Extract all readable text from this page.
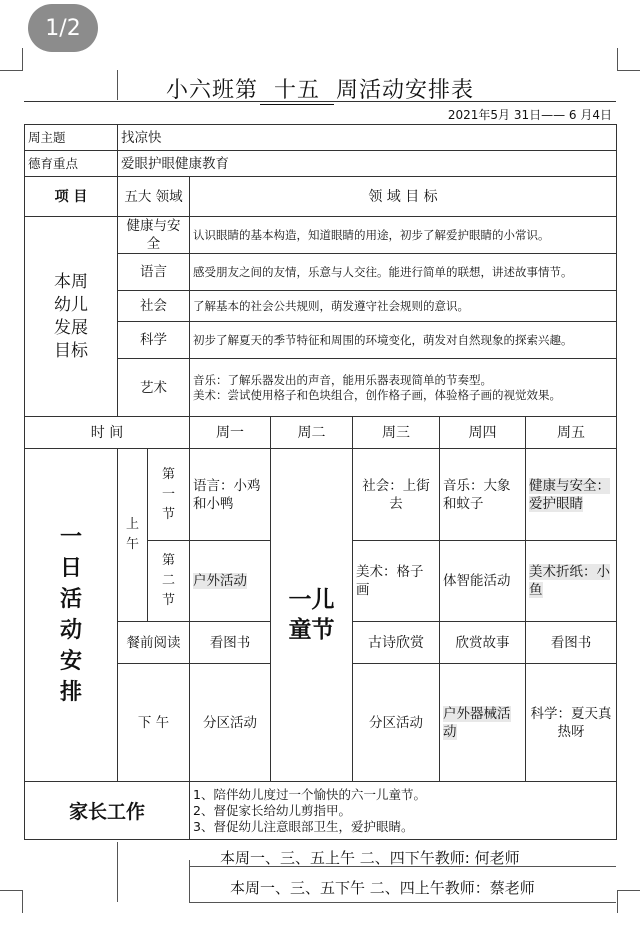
1/2
小六班第 十五 周活动安排表
2021年5月 31日—— 6 月4日
周主题	找凉快						
德育重点	爱眼护眼健康教育						
项 目	五大 领域		领 域 目 标				
本周幼儿发展目标	健康与安全		认识眼睛的基本构造，知道眼睛的用途，初步了解爱护眼睛的小常识。				
	语言		感受朋友之间的友情，乐意与人交往。能进行简单的联想，讲述故事情节。				
	社会		了解基本的社会公共规则，萌发遵守社会规则的意识。				
	科学		初步了解夏天的季节特征和周围的环境变化，萌发对自然现象的探索兴趣。				
	艺术		音乐：了解乐器发出的声音，能用乐器表现简单的节奏型。
美术：尝试使用格子和色块组合，创作格子画，体验格子画的视觉效果。				

时 间			周一	周二	周三	周四	周五
一日活动安排	上午	第一节	语言：小鸡和小鸭	一儿童节	社会：上街去	音乐：大象和蚊子	健康与安全：爱护眼睛
		第二节	户外活动		美术：格子画	体智能活动	美术折纸：小鱼
	餐前阅读		看图书		古诗欣赏	欣赏故事	看图书
	下 午		分区活动		分区活动	户外器械活动	科学：夏天真热呀
家长工作			1、陪伴幼儿度过一个愉快的六一儿童节。
2、督促家长给幼儿剪指甲。
3、督促幼儿注意眼部卫生，爱护眼睛。				
本周一、三、五上午 二、四下午教师: 何老师
本周一、三、五下午 二、四上午教师：蔡老师
